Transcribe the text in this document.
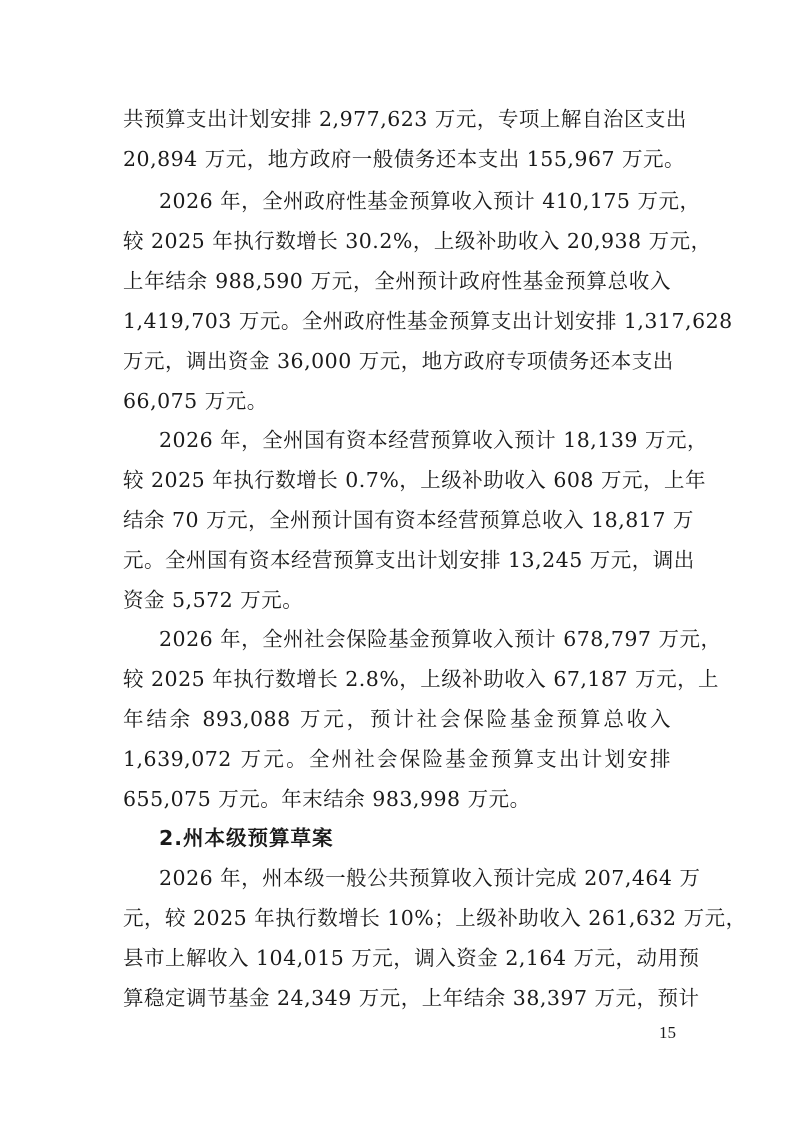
共预算支出计划安排 2,977,623 万元，专项上解自治区支出
20,894 万元，地方政府一般债务还本支出 155,967 万元。
2026 年，全州政府性基金预算收入预计 410,175 万元，
较 2025 年执行数增长 30.2%，上级补助收入 20,938 万元，
上年结余 988,590 万元，全州预计政府性基金预算总收入
1,419,703 万元。全州政府性基金预算支出计划安排 1,317,628
万元，调出资金 36,000 万元，地方政府专项债务还本支出
66,075 万元。
2026 年，全州国有资本经营预算收入预计 18,139 万元，
较 2025 年执行数增长 0.7%，上级补助收入 608 万元，上年
结余 70 万元，全州预计国有资本经营预算总收入 18,817 万
元。全州国有资本经营预算支出计划安排 13,245 万元，调出
资金 5,572 万元。
2026 年，全州社会保险基金预算收入预计 678,797 万元，
较 2025 年执行数增长 2.8%，上级补助收入 67,187 万元，上
年结余 893,088 万元，预计社会保险基金预算总收入
1,639,072 万元。全州社会保险基金预算支出计划安排
655,075 万元。年末结余 983,998 万元。
2.州本级预算草案
2026 年，州本级一般公共预算收入预计完成 207,464 万
元，较 2025 年执行数增长 10%；上级补助收入 261,632 万元，
县市上解收入 104,015 万元，调入资金 2,164 万元，动用预
算稳定调节基金 24,349 万元，上年结余 38,397 万元，预计
15
